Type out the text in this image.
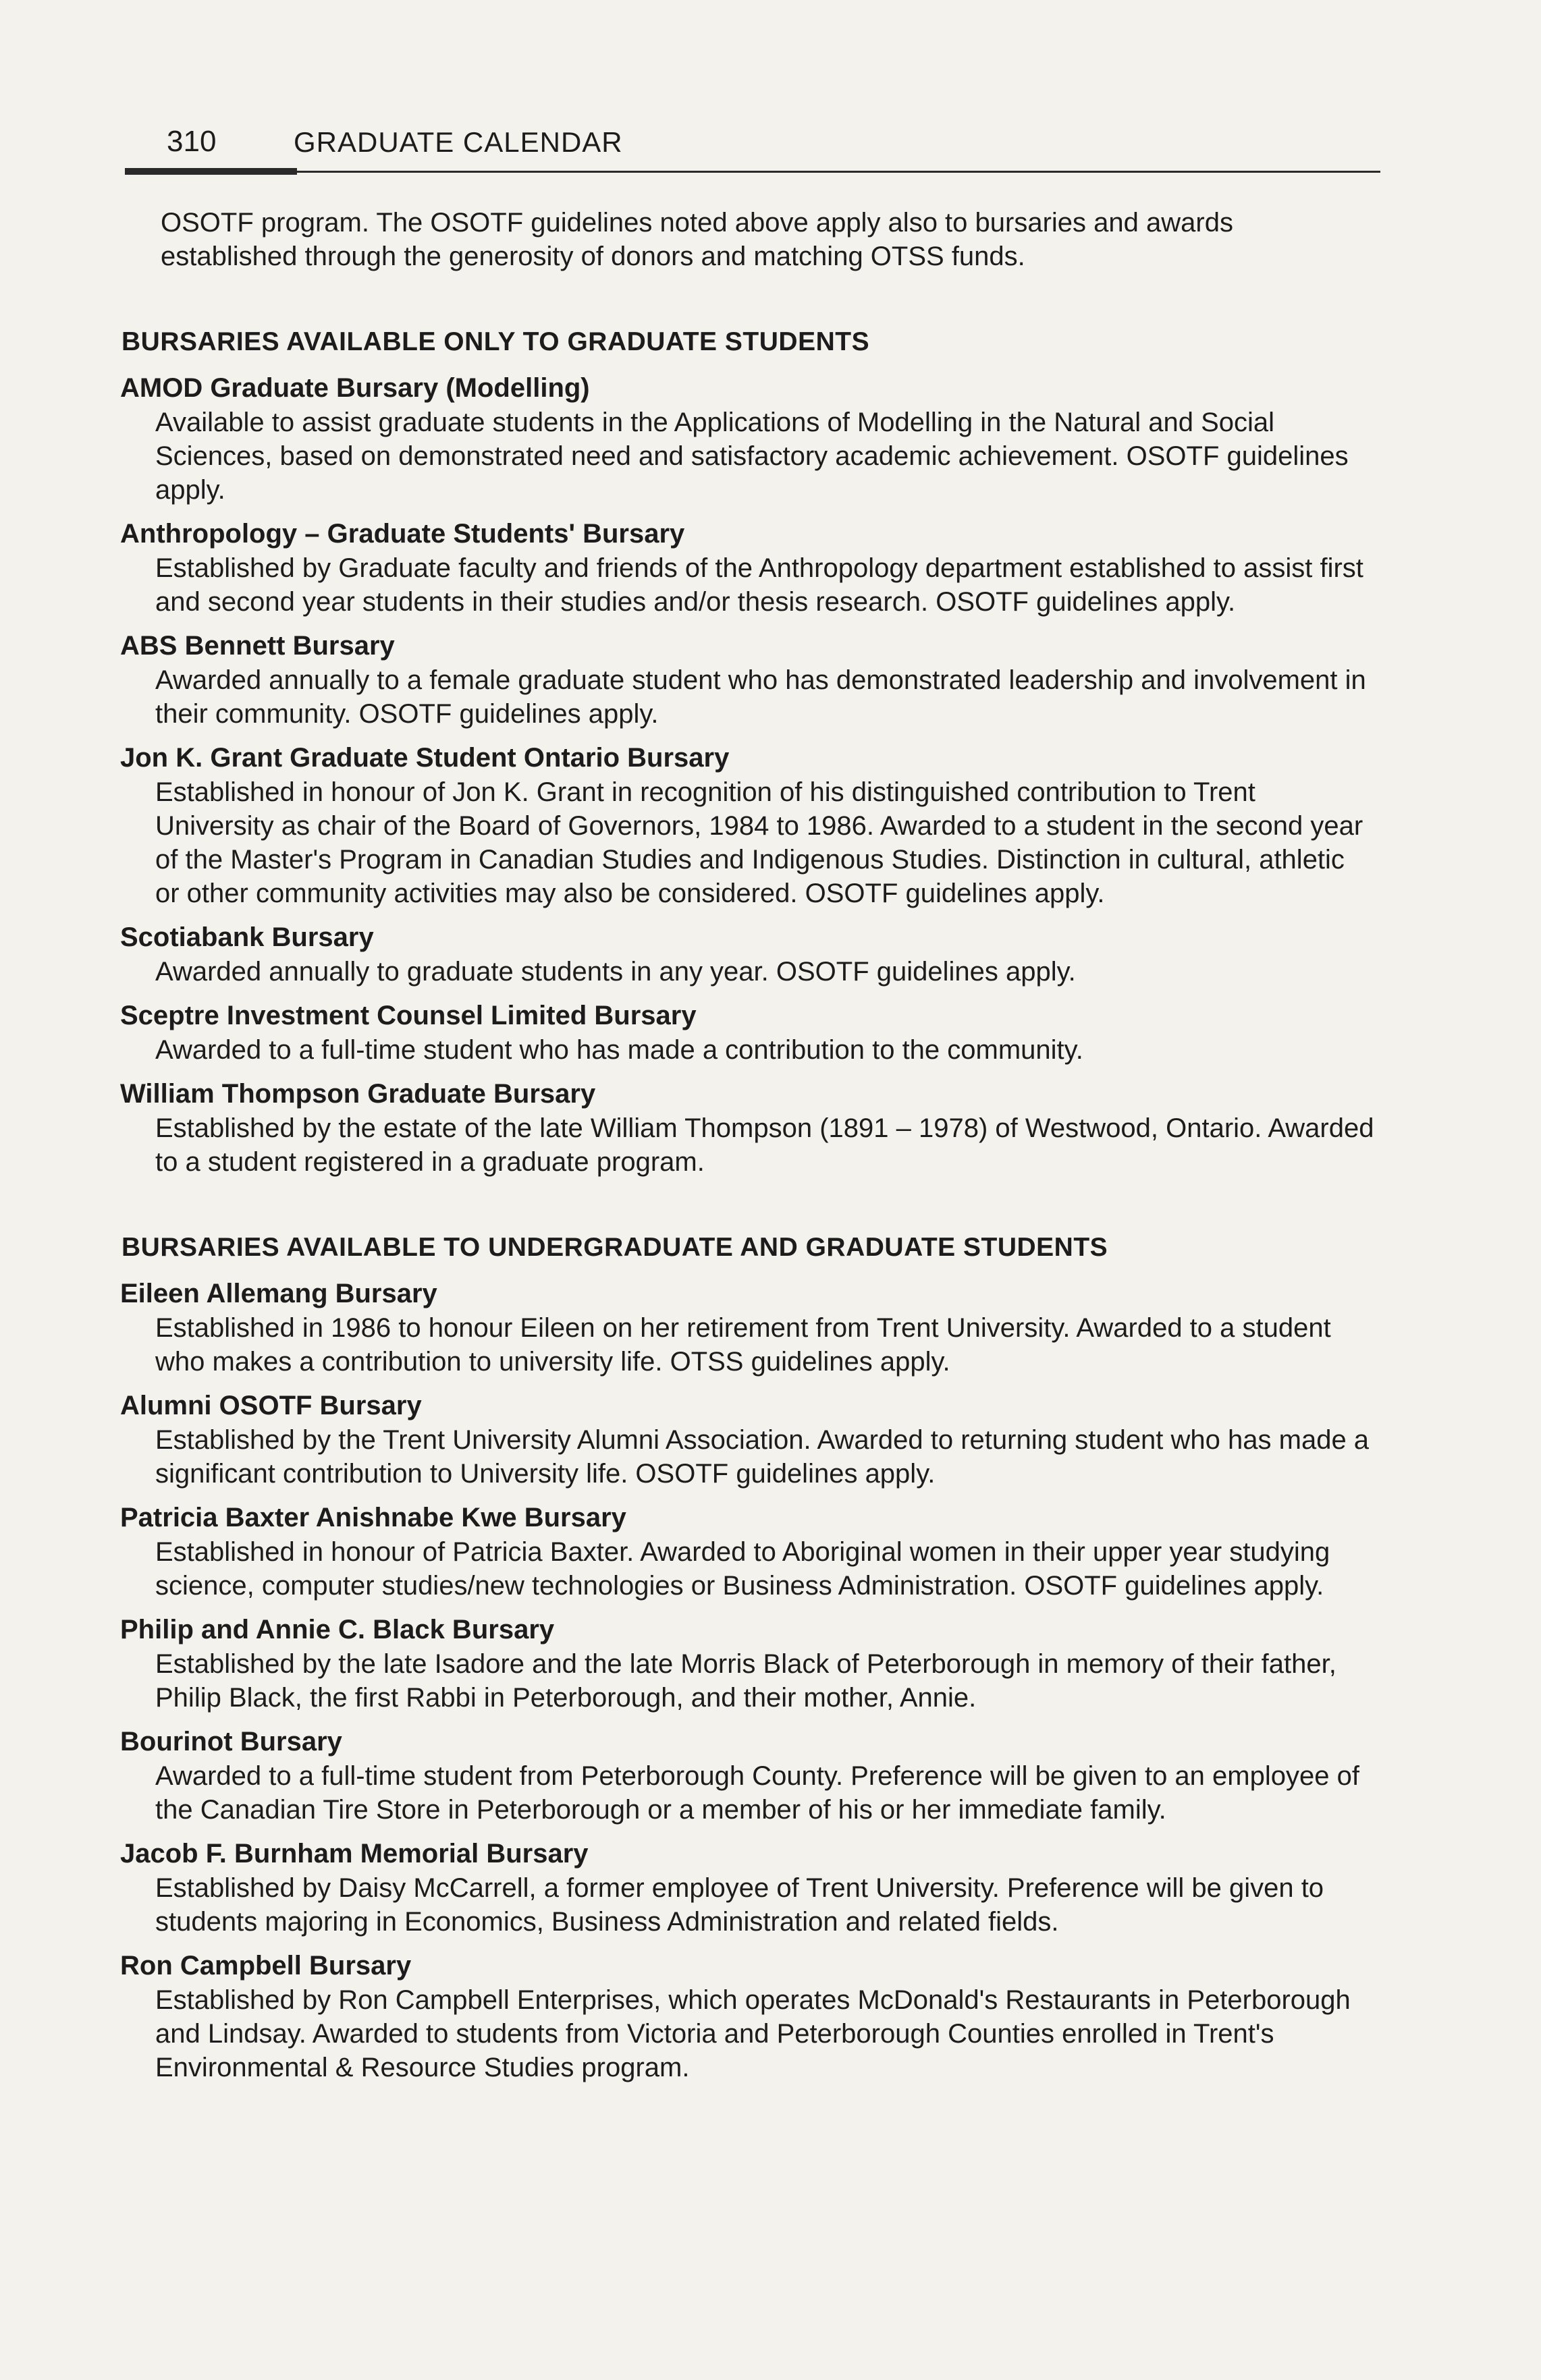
310	GRADUATE CALENDAR

OSOTF program. The OSOTF guidelines noted above apply also to bursaries and awards established through the generosity of donors and matching OTSS funds.

BURSARIES AVAILABLE ONLY TO GRADUATE STUDENTS
AMOD Graduate Bursary (Modelling)
Available to assist graduate students in the Applications of Modelling in the Natural and Social Sciences, based on demonstrated need and satisfactory academic achievement. OSOTF guidelines apply.
Anthropology – Graduate Students' Bursary
Established by Graduate faculty and friends of the Anthropology department established to assist first and second year students in their studies and/or thesis research. OSOTF guidelines apply.
ABS Bennett Bursary
Awarded annually to a female graduate student who has demonstrated leadership and involvement in their community. OSOTF guidelines apply.
Jon K. Grant Graduate Student Ontario Bursary
Established in honour of Jon K. Grant in recognition of his distinguished contribution to Trent University as chair of the Board of Governors, 1984 to 1986. Awarded to a student in the second year of the Master's Program in Canadian Studies and Indigenous Studies. Distinction in cultural, athletic or other community activities may also be considered. OSOTF guidelines apply.
Scotiabank Bursary
Awarded annually to graduate students in any year. OSOTF guidelines apply.
Sceptre Investment Counsel Limited Bursary
Awarded to a full-time student who has made a contribution to the community.
William Thompson Graduate Bursary
Established by the estate of the late William Thompson (1891 – 1978) of Westwood, Ontario. Awarded to a student registered in a graduate program.
BURSARIES AVAILABLE TO UNDERGRADUATE AND GRADUATE STUDENTS
Eileen Allemang Bursary
Established in 1986 to honour Eileen on her retirement from Trent University. Awarded to a student who makes a contribution to university life. OTSS guidelines apply.
Alumni OSOTF Bursary
Established by the Trent University Alumni Association. Awarded to returning student who has made a significant contribution to University life. OSOTF guidelines apply.
Patricia Baxter Anishnabe Kwe Bursary
Established in honour of Patricia Baxter. Awarded to Aboriginal women in their upper year studying science, computer studies/new technologies or Business Administration. OSOTF guidelines apply.
Philip and Annie C. Black Bursary
Established by the late Isadore and the late Morris Black of Peterborough in memory of their father, Philip Black, the first Rabbi in Peterborough, and their mother, Annie.
Bourinot Bursary
Awarded to a full-time student from Peterborough County. Preference will be given to an employee of the Canadian Tire Store in Peterborough or a member of his or her immediate family.
Jacob F. Burnham Memorial Bursary
Established by Daisy McCarrell, a former employee of Trent University. Preference will be given to students majoring in Economics, Business Administration and related fields.
Ron Campbell Bursary
Established by Ron Campbell Enterprises, which operates McDonald's Restaurants in Peterborough and Lindsay. Awarded to students from Victoria and Peterborough Counties enrolled in Trent's Environmental & Resource Studies program.
